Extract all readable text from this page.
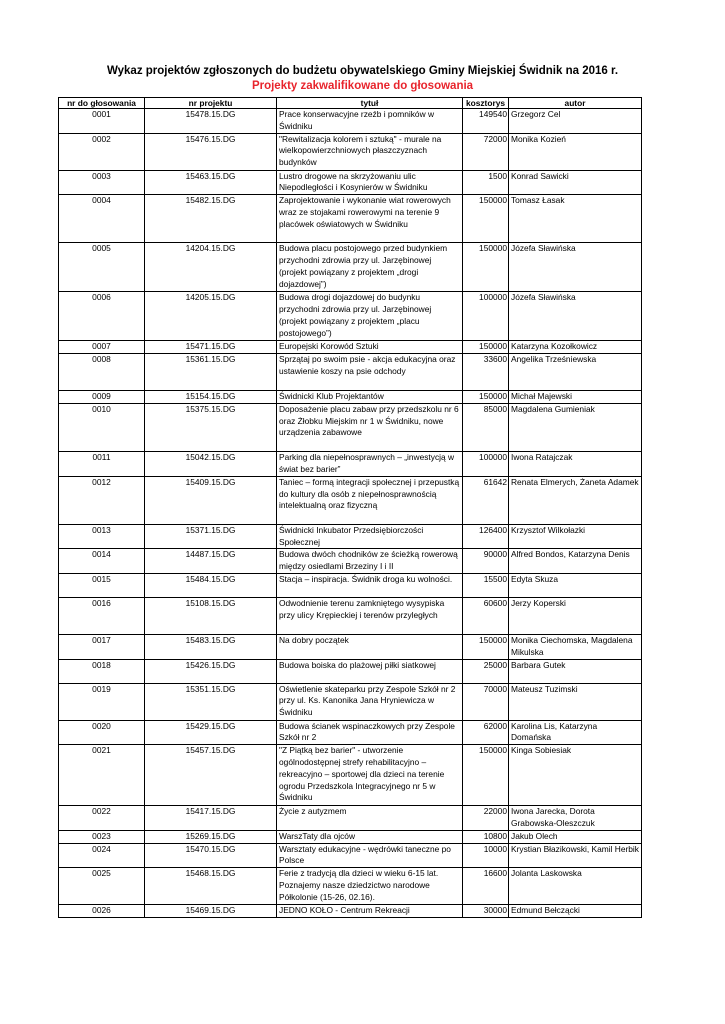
Wykaz projektów zgłoszonych do budżetu obywatelskiego Gminy Miejskiej Świdnik na 2016 r.
Projekty zakwalifikowane do głosowania
nr do głosowania	nr projektu	tytuł	kosztorys	autor
0001	15478.15.DG	Prace konserwacyjne rzeźb i pomników w Świdniku	149540	Grzegorz Cel
0002	15476.15.DG	"Rewitalizacja kolorem i sztuką" - murale na wielkopowierzchniowych płaszczyznach budynków	72000	Monika Kozień
0003	15463.15.DG	Lustro drogowe na skrzyżowaniu ulic Niepodległości i Kosynierów w Świdniku	1500	Konrad Sawicki
0004	15482.15.DG	Zaprojektowanie i wykonanie wiat rowerowych wraz ze stojakami rowerowymi na terenie 9 placówek oświatowych w Świdniku	150000	Tomasz Łasak
0005	14204.15.DG	Budowa placu postojowego przed budynkiem przychodni zdrowia przy ul. Jarzębinowej (projekt powiązany z projektem „drogi dojazdowej”)	150000	Józefa Sławińska
0006	14205.15.DG	Budowa drogi dojazdowej do budynku przychodni zdrowia przy ul. Jarzębinowej (projekt powiązany z projektem „placu postojowego”)	100000	Józefa Sławińska
0007	15471.15.DG	Europejski Korowód Sztuki	150000	Katarzyna Kozołkowicz
0008	15361.15.DG	Sprzątaj po swoim psie - akcja edukacyjna oraz ustawienie koszy na psie odchody	33600	Angelika Trześniewska
0009	15154.15.DG	Świdnicki Klub Projektantów	150000	Michał Majewski
0010	15375.15.DG	Doposażenie placu zabaw przy przedszkolu nr 6 oraz Żłobku Miejskim nr 1 w Świdniku, nowe urządzenia zabawowe	85000	Magdalena Gumieniak
0011	15042.15.DG	Parking dla niepełnosprawnych – „inwestycją w świat bez barier”	100000	Iwona Ratajczak
0012	15409.15.DG	Taniec – formą integracji społecznej i przepustką do kultury dla osób z niepełnosprawnością intelektualną oraz fizyczną	61642	Renata Elmerych, Żaneta Adamek
0013	15371.15.DG	Świdnicki Inkubator Przedsiębiorczości Społecznej	126400	Krzysztof Wilkołazki
0014	14487.15.DG	Budowa dwóch chodników ze ścieżką rowerową między osiedlami Brzeziny I i II	90000	Alfred Bondos, Katarzyna Denis
0015	15484.15.DG	Stacja – inspiracja. Świdnik droga ku wolności.	15500	Edyta Skuza
0016	15108.15.DG	Odwodnienie terenu zamkniętego wysypiska przy ulicy Krępieckiej i terenów przyległych	60600	Jerzy Koperski
0017	15483.15.DG	Na dobry początek	150000	Monika Ciechomska, Magdalena Mikulska
0018	15426.15.DG	Budowa boiska do plażowej piłki siatkowej	25000	Barbara Gutek
0019	15351.15.DG	Oświetlenie skateparku przy Zespole Szkół nr 2 przy ul. Ks. Kanonika Jana Hryniewicza w Świdniku	70000	Mateusz Tuzimski
0020	15429.15.DG	Budowa ścianek wspinaczkowych przy Zespole Szkół nr 2	62000	Karolina Lis, Katarzyna Domańska
0021	15457.15.DG	"Z Piątką bez barier" - utworzenie ogólnodostępnej strefy rehabilitacyjno – rekreacyjno – sportowej dla dzieci na terenie ogrodu Przedszkola Integracyjnego nr 5 w Świdniku	150000	Kinga Sobiesiak
0022	15417.15.DG	Życie z autyzmem	22000	Iwona Jarecka, Dorota Grabowska-Oleszczuk
0023	15269.15.DG	WarszTaty dla ojców	10800	Jakub Olech
0024	15470.15.DG	Warsztaty edukacyjne - wędrówki taneczne po Polsce	10000	Krystian Błazikowski, Kamil Herbik
0025	15468.15.DG	Ferie z tradycją dla dzieci w wieku 6-15 lat. Poznajemy nasze dziedzictwo narodowe Półkolonie (15-26, 02.16).	16600	Jolanta Laskowska
0026	15469.15.DG	JEDNO KOŁO - Centrum Rekreacji	30000	Edmund Bełczącki
